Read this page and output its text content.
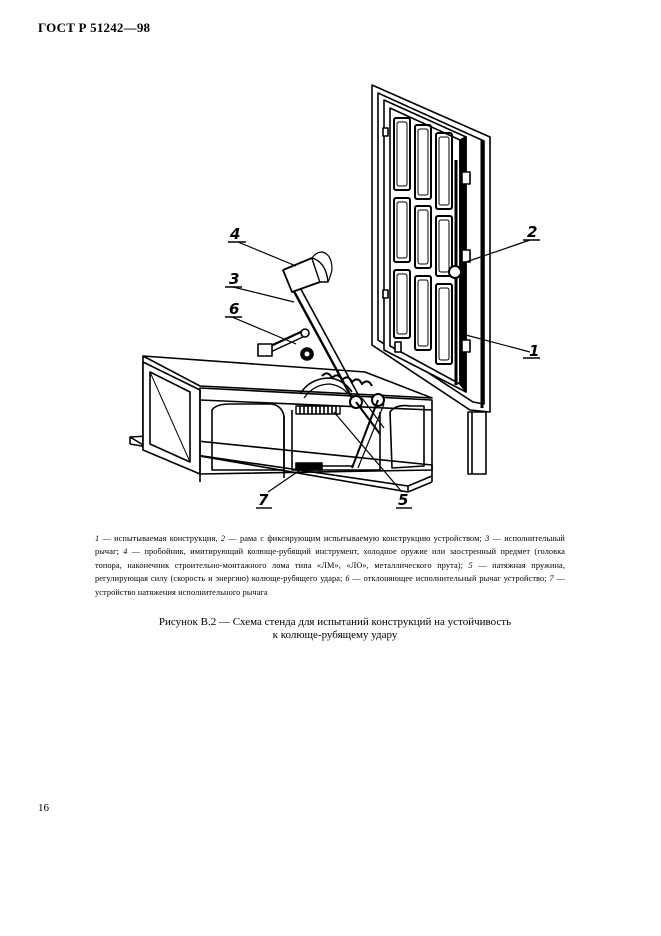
ГОСТ Р 51242—98
1
2
3
4
5
6
7
1 — испытываемая конструкция, 2 — рама с фиксирующим испытываемую конструкцию устройством; 3 — исполнительный рычаг; 4 — пробойник, имитирующий колюще-рубящий инструмент, холодное оружие или заостренный предмет (головка топора, наконечник строительно-монтажного лома типа «ЛМ», «ЛО», металлического прута); 5 — натяжная пружина, регулирующая силу (скорость и энергию) колюще-рубящего удара; 6 — отклоняющее исполнительный рычаг устройство; 7 — устройство натяжения исполнительного рычага
Рисунок В.2 — Схема стенда для испытаний конструкций на устойчивость
к колюще-рубящему удару
16
